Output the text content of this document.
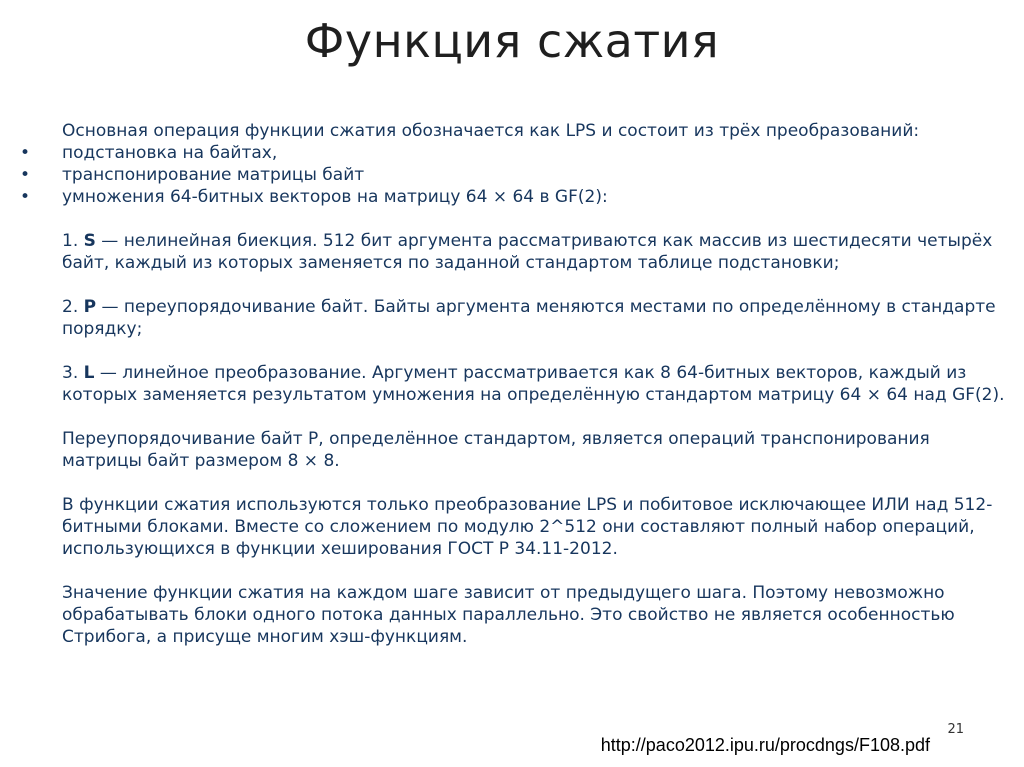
Функция сжатия

Основная операция функции сжатия обозначается как LPS и состоит из трёх преобразований:

• подстановка на байтах,
• транспонирование матрицы байт
• умножения 64-битных векторов на матрицу 64 × 64 в GF(2):

1. S — нелинейная биекция. 512 бит аргумента рассматриваются как массив из шестидесяти четырёх байт, каждый из которых заменяется по заданной стандартом таблице подстановки;

2. P — переупорядочивание байт. Байты аргумента меняются местами по определённому в стандарте порядку;

3. L — линейное преобразование. Аргумент рассматривается как 8 64-битных векторов, каждый из которых заменяется результатом умножения на определённую стандартом матрицу 64 × 64 над GF(2).

Переупорядочивание байт P, определённое стандартом, является операций транспонирования матрицы байт размером 8 × 8.

В функции сжатия используются только преобразование LPS и побитовое исключающее ИЛИ над 512-битными блоками. Вместе со сложением по модулю 2^512 они составляют полный набор операций, использующихся в функции хеширования ГОСТ Р 34.11-2012.

Значение функции сжатия на каждом шаге зависит от предыдущего шага. Поэтому невозможно обрабатывать блоки одного потока данных параллельно. Это свойство не является особенностью Стрибога, а присуще многим хэш-функциям.

21
http://paco2012.ipu.ru/procdngs/F108.pdf
